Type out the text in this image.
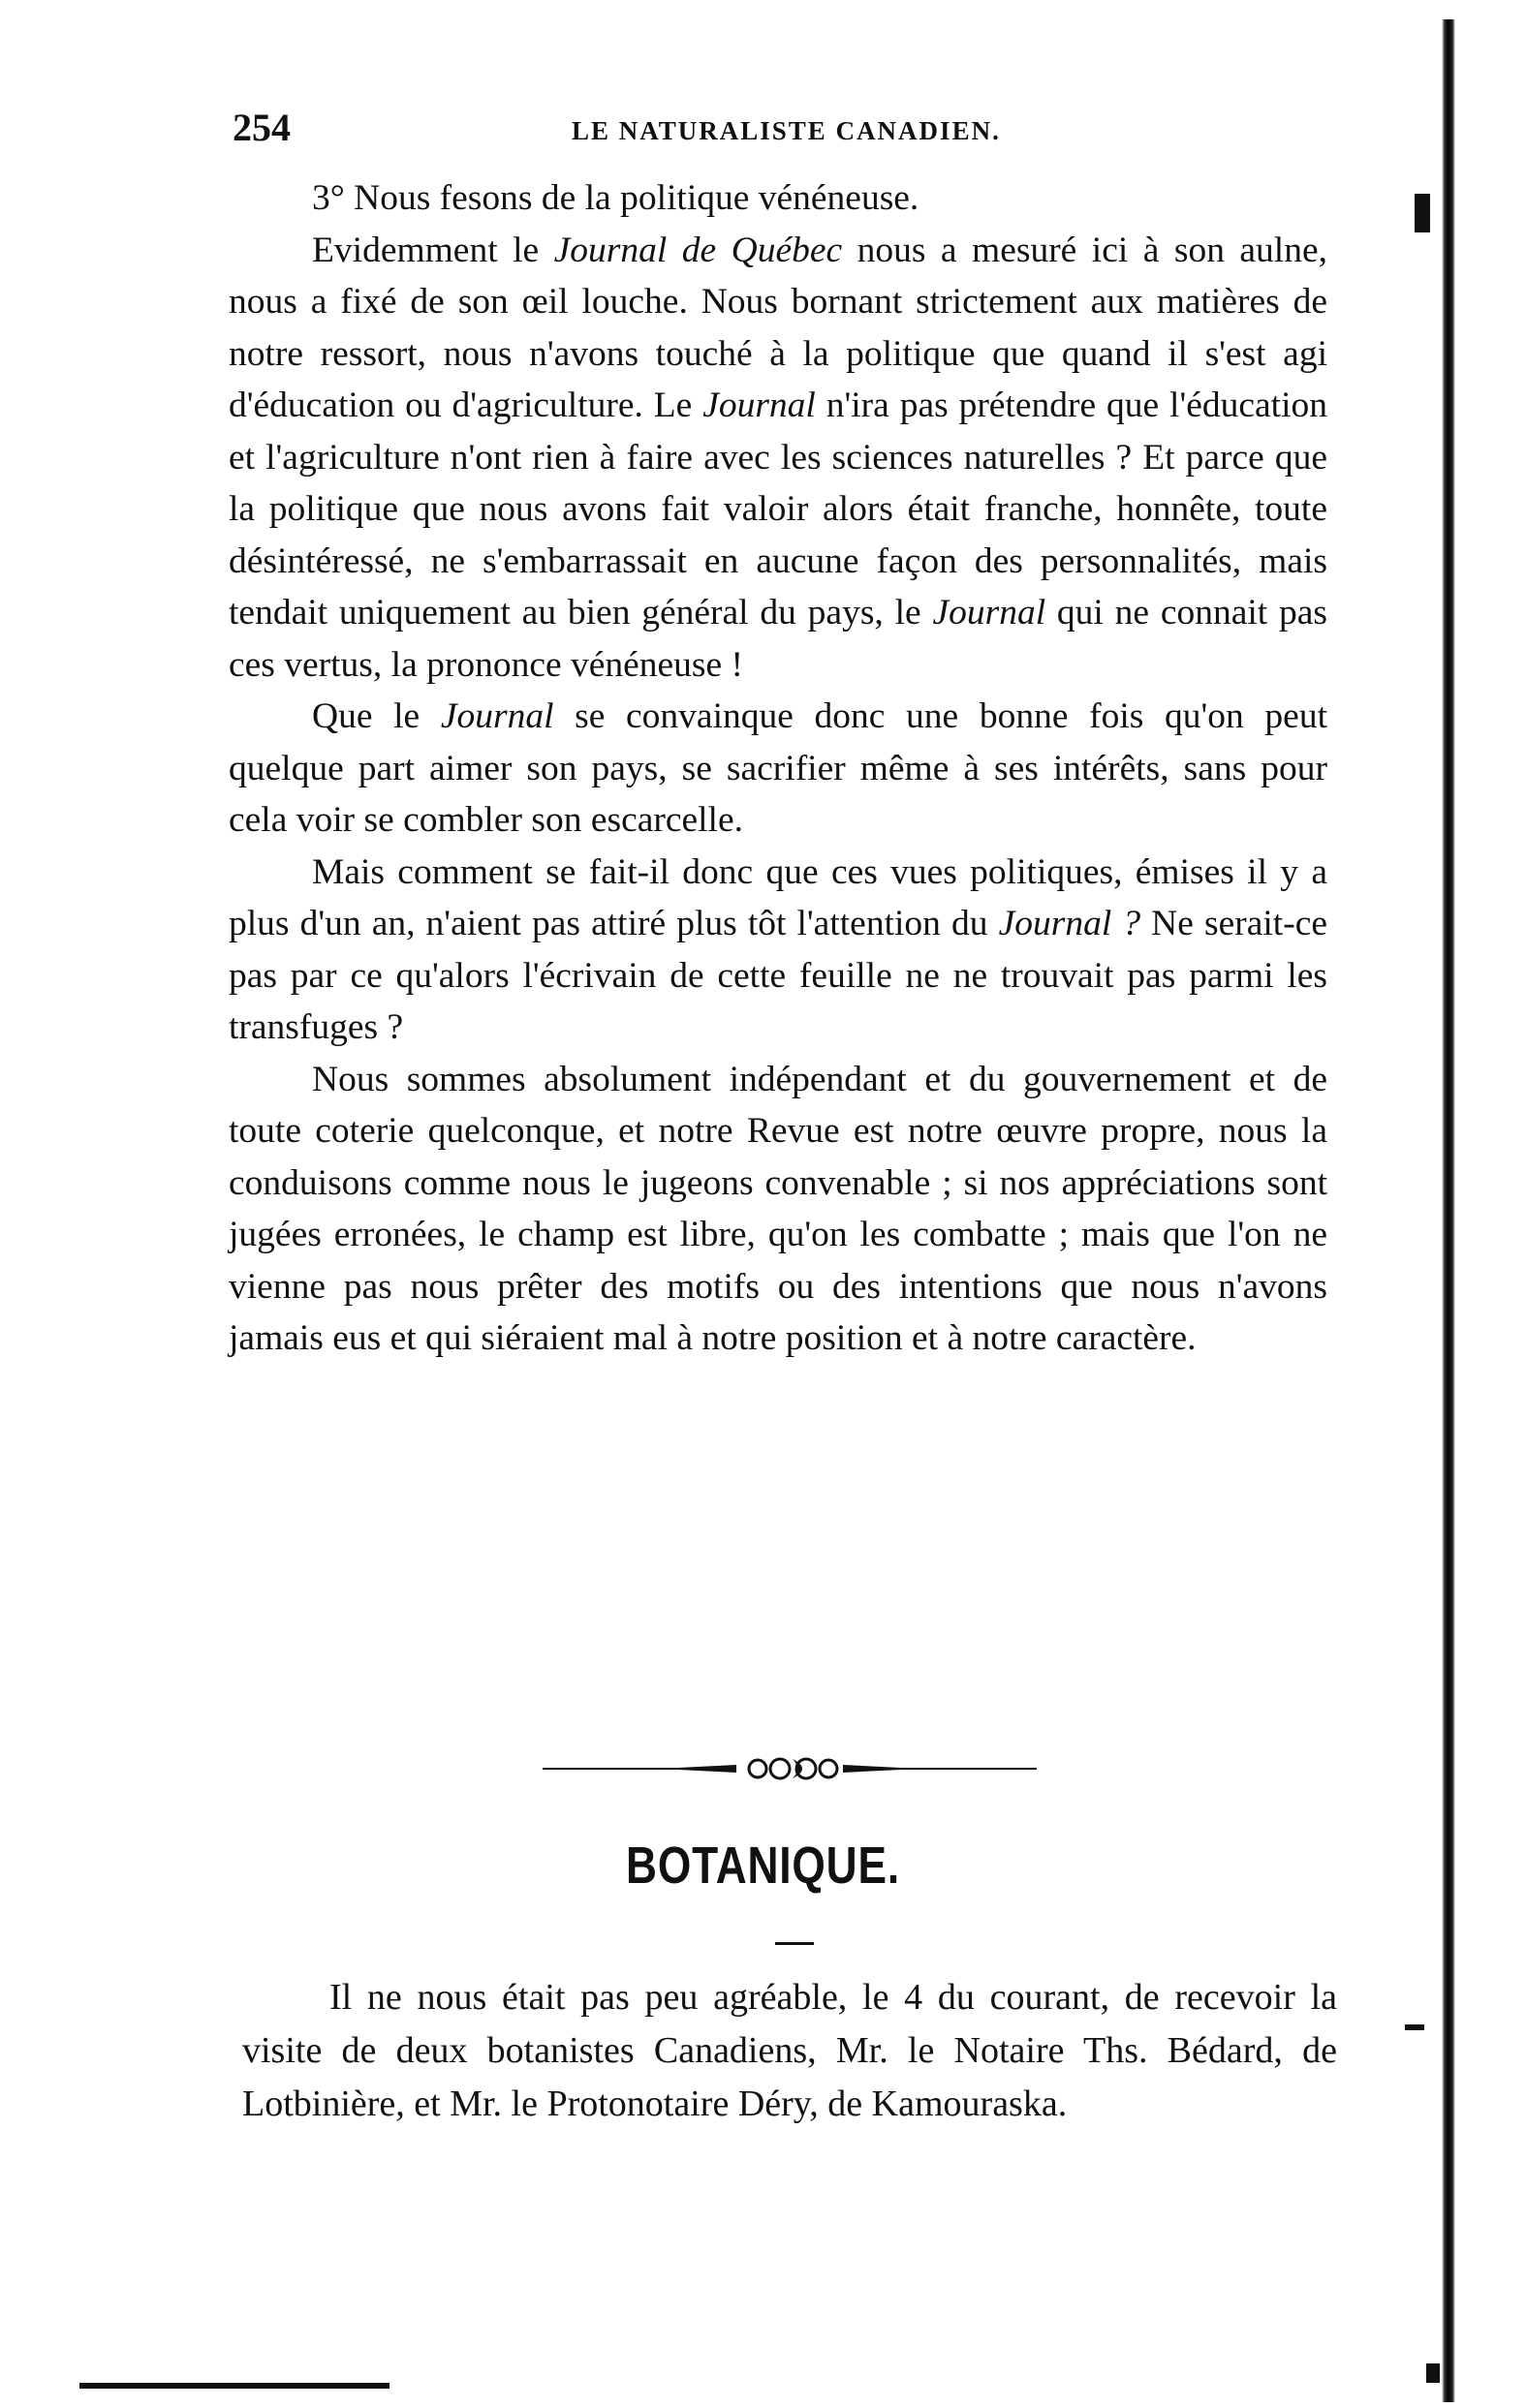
254	LE NATURALISTE CANADIEN.

3° Nous fesons de la politique vénéneuse.

Evidemment le Journal de Québec nous a mesuré ici à son aulne, nous a fixé de son œil louche. Nous bornant strictement aux matières de notre ressort, nous n'avons touché à la politique que quand il s'est agi d'éducation ou d'agriculture. Le Journal n'ira pas prétendre que l'éducation et l'agriculture n'ont rien à faire avec les sciences naturelles ? Et parce que la politique que nous avons fait valoir alors était franche, honnête, toute désintéressé, ne s'embarrassait en aucune façon des personnalités, mais tendait uniquement au bien général du pays, le Journal qui ne connait pas ces vertus, la prononce vénéneuse !

Que le Journal se convainque donc une bonne fois qu'on peut quelque part aimer son pays, se sacrifier même à ses intérêts, sans pour cela voir se combler son escarcelle.

Mais comment se fait-il donc que ces vues politiques, émises il y a plus d'un an, n'aient pas attiré plus tôt l'attention du Journal ? Ne serait-ce pas par ce qu'alors l'écrivain de cette feuille ne ne trouvait pas parmi les transfuges ?

Nous sommes absolument indépendant et du gouvernement et de toute coterie quelconque, et notre Revue est notre œuvre propre, nous la conduisons comme nous le jugeons convenable ; si nos appréciations sont jugées erronées, le champ est libre, qu'on les combatte ; mais que l'on ne vienne pas nous prêter des motifs ou des intentions que nous n'avons jamais eus et qui siéraient mal à notre position et à notre caractère.

BOTANIQUE.

Il ne nous était pas peu agréable, le 4 du courant, de recevoir la visite de deux botanistes Canadiens, Mr. le Notaire Ths. Bédard, de Lotbinière, et Mr. le Protonotaire Déry, de Kamouraska.
